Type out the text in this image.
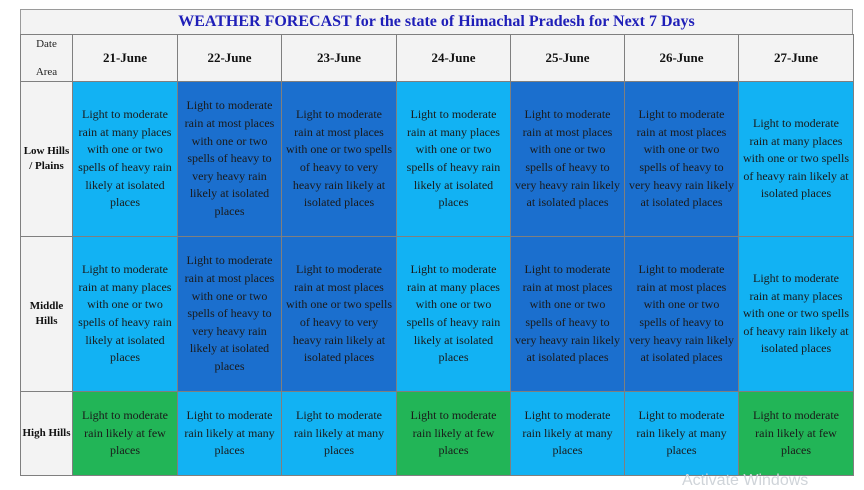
WEATHER FORECAST for the state of Himachal Pradesh for Next 7 Days
Date
Area	21-June	22-June	23-June	24-June	25-June	26-June	27-June
Low Hills / Plains	Light to moderate rain at many places with one or two spells of heavy rain likely at isolated places	Light to moderate rain at most places with one or two spells of heavy to very heavy rain likely at isolated places	Light to moderate rain at most places with one or two spells of heavy to very heavy rain likely at isolated places	Light to moderate rain at many places with one or two spells of heavy rain likely at isolated places	Light to moderate rain at most places with one or two spells of heavy to very heavy rain likely at isolated places	Light to moderate rain at most places with one or two spells of heavy to very heavy rain likely at isolated places	Light to moderate rain at many places with one or two spells of heavy rain likely at isolated places
Middle Hills	Light to moderate rain at many places with one or two spells of heavy rain likely at isolated places	Light to moderate rain at most places with one or two spells of heavy to very heavy rain likely at isolated places	Light to moderate rain at most places with one or two spells of heavy to very heavy rain likely at isolated places	Light to moderate rain at many places with one or two spells of heavy rain likely at isolated places	Light to moderate rain at most places with one or two spells of heavy to very heavy rain likely at isolated places	Light to moderate rain at most places with one or two spells of heavy to very heavy rain likely at isolated places	Light to moderate rain at many places with one or two spells of heavy rain likely at isolated places
High Hills	Light to moderate rain likely at few places	Light to moderate rain likely at many places	Light to moderate rain likely at many places	Light to moderate rain likely at few places	Light to moderate rain likely at many places	Light to moderate rain likely at many places	Light to moderate rain likely at few places
Activate Windows
